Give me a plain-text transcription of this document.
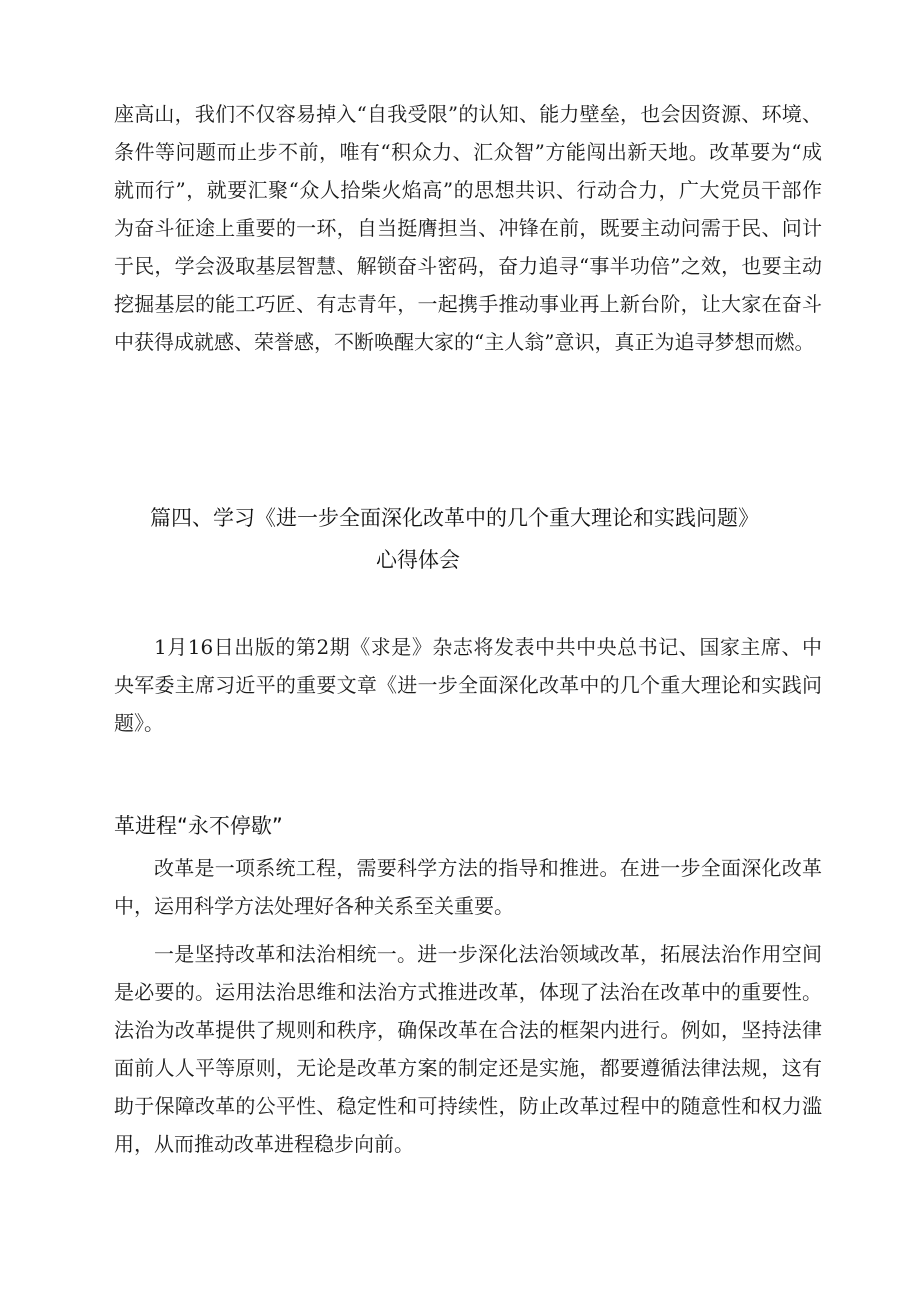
座高山，我们不仅容易掉入“自我受限”的认知、能力壁垒，也会因资源、环境、条件等问题而止步不前，唯有“积众力、汇众智”方能闯出新天地。改革要为“成就而行”，就要汇聚“众人拾柴火焰高”的思想共识、行动合力，广大党员干部作为奋斗征途上重要的一环，自当挺膺担当、冲锋在前，既要主动问需于民、问计于民，学会汲取基层智慧、解锁奋斗密码，奋力追寻“事半功倍”之效，也要主动挖掘基层的能工巧匠、有志青年，一起携手推动事业再上新台阶，让大家在奋斗中获得成就感、荣誉感，不断唤醒大家的“主人翁”意识，真正为追寻梦想而燃。

篇四、学习《进一步全面深化改革中的几个重大理论和实践问题》
心得体会

1月16日出版的第2期《求是》杂志将发表中共中央总书记、国家主席、中央军委主席习近平的重要文章《进一步全面深化改革中的几个重大理论和实践问题》。

革进程“永不停歇”

改革是一项系统工程，需要科学方法的指导和推进。在进一步全面深化改革中，运用科学方法处理好各种关系至关重要。

一是坚持改革和法治相统一。进一步深化法治领域改革，拓展法治作用空间是必要的。运用法治思维和法治方式推进改革，体现了法治在改革中的重要性。法治为改革提供了规则和秩序，确保改革在合法的框架内进行。例如，坚持法律面前人人平等原则，无论是改革方案的制定还是实施，都要遵循法律法规，这有助于保障改革的公平性、稳定性和可持续性，防止改革过程中的随意性和权力滥用，从而推动改革进程稳步向前。
